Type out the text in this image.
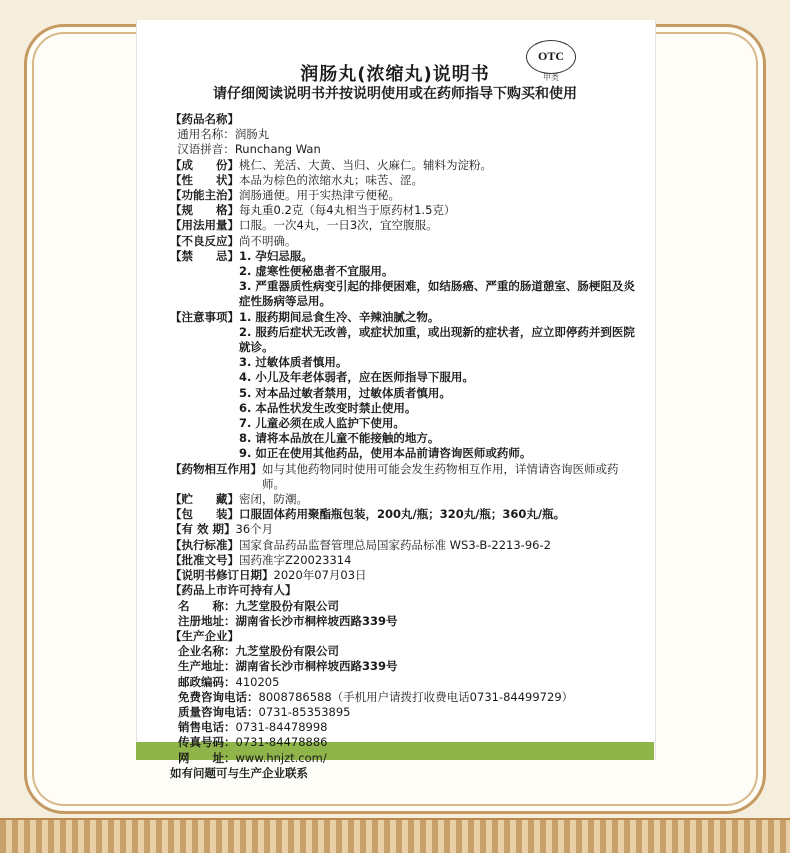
润肠丸(浓缩丸)说明书
OTC
甲类
请仔细阅读说明书并按说明使用或在药师指导下购买和使用
【药品名称】
通用名称： 润肠丸
汉语拼音： Runchang Wan
【成　　份】 桃仁、羌活、大黄、当归、火麻仁。辅料为淀粉。
【性　　状】 本品为棕色的浓缩水丸；味苦、涩。
【功能主治】 润肠通便。用于实热津亏便秘。
【规　　格】 每丸重0.2克（每4丸相当于原药材1.5克）
【用法用量】 口服。一次4丸，一日3次，宜空腹服。
【不良反应】 尚不明确。
【禁　　忌】 1. 孕妇忌服。
2. 虚寒性便秘患者不宜服用。
3. 严重器质性病变引起的排便困难，如结肠癌、严重的肠道憩室、肠梗阻及炎症性肠病等忌用。
【注意事项】 1. 服药期间忌食生冷、辛辣油腻之物。
2. 服药后症状无改善，或症状加重，或出现新的症状者，应立即停药并到医院就诊。
3. 过敏体质者慎用。
4. 小儿及年老体弱者，应在医师指导下服用。
5. 对本品过敏者禁用，过敏体质者慎用。
6. 本品性状发生改变时禁止使用。
7. 儿童必须在成人监护下使用。
8. 请将本品放在儿童不能接触的地方。
9. 如正在使用其他药品，使用本品前请咨询医师或药师。
【药物相互作用】 如与其他药物同时使用可能会发生药物相互作用，详情请咨询医师或药师。
【贮　　藏】 密闭，防潮。
【包　　装】 口服固体药用聚酯瓶包装，200丸/瓶；320丸/瓶；360丸/瓶。
【有 效 期】 36个月
【执行标准】 国家食品药品监督管理总局国家药品标准 WS3-B-2213-96-2
【批准文号】 国药准字Z20023314
【说明书修订日期】 2020年07月03日
【药品上市许可持有人】
名　　称： 九芝堂股份有限公司
注册地址： 湖南省长沙市桐梓坡西路339号
【生产企业】
企业名称： 九芝堂股份有限公司
生产地址： 湖南省长沙市桐梓坡西路339号
邮政编码： 410205
免费咨询电话： 8008786588（手机用户请拨打收费电话0731-84499729）
质量咨询电话： 0731-85353895
销售电话： 0731-84478998
传真号码： 0731-84478886
网　　址： www.hnjzt.com/
如有问题可与生产企业联系
